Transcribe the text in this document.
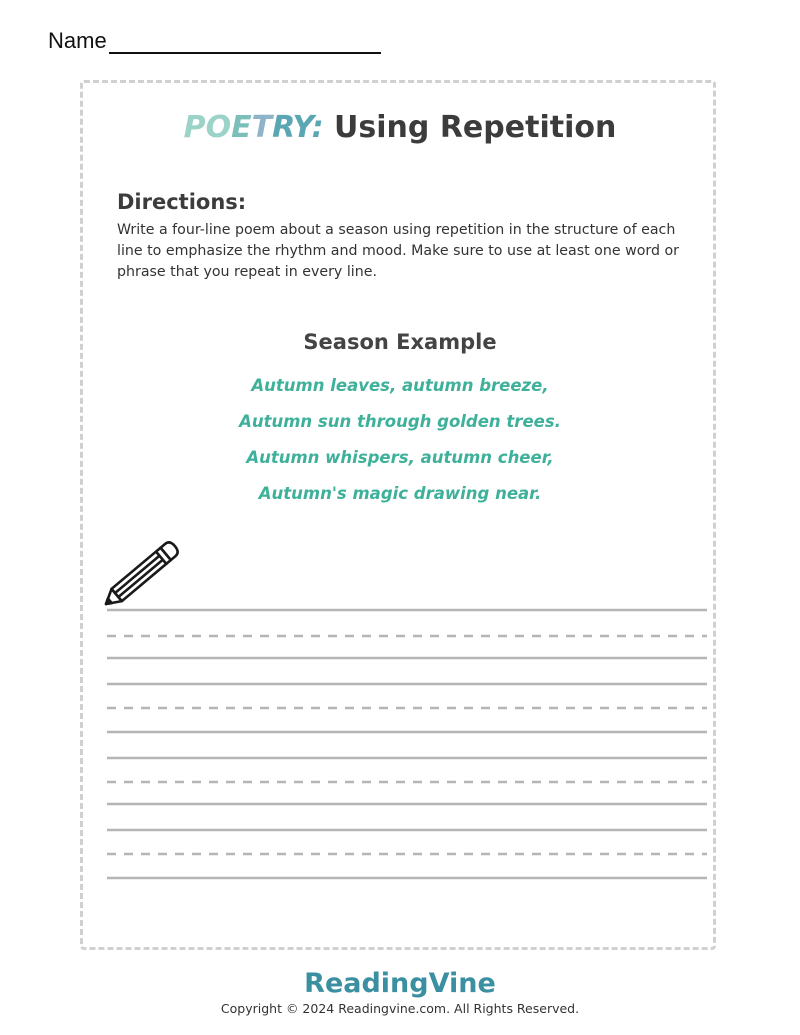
Name
POETRY: Using Repetition
Directions:
Write a four-line poem about a season using repetition in the structure of each line to emphasize the rhythm and mood. Make sure to use at least one word or phrase that you repeat in every line.
Season Example
Autumn leaves, autumn breeze,
Autumn sun through golden trees.
Autumn whispers, autumn cheer,
Autumn's magic drawing near.
ReadingVine
Copyright © 2024 Readingvine.com. All Rights Reserved.
